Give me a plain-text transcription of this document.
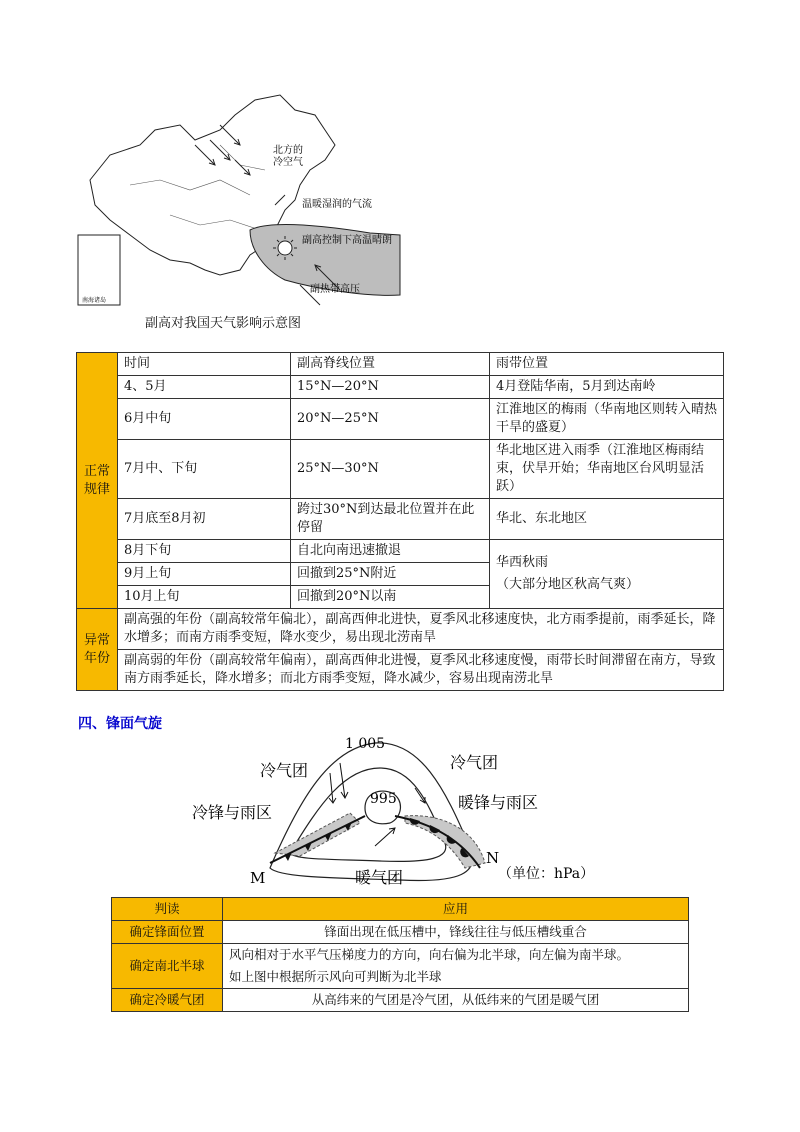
南海诸岛
北方的冷空气
温暖湿润的气流
副高控制下高温晴朗
副热带高压
副高对我国天气影响示意图
正常
规律	时间	副高脊线位置	雨带位置
	4、5月	15°N—20°N	4月登陆华南，5月到达南岭
	6月中旬	20°N—25°N	江淮地区的梅雨（华南地区则转入晴热干旱的盛夏）
	7月中、下旬	25°N—30°N	华北地区进入雨季（江淮地区梅雨结束，伏旱开始；华南地区台风明显活跃）
	7月底至8月初	跨过30°N到达最北位置并在此停留	华北、东北地区
	8月下旬	自北向南迅速撤退	华西秋雨
（大部分地区秋高气爽）

	9月上旬	回撤到25°N附近	
	10月上旬	回撤到20°N以南	

异常
年份	副高强的年份（副高较常年偏北），副高西伸北进快，夏季风北移速度快，北方雨季提前，雨季延长，降水增多；而南方雨季变短，降水变少，易出现北涝南旱		
	副高弱的年份（副高较常年偏南），副高西伸北进慢，夏季风北移速度慢，雨带长时间滞留在南方，导致南方雨季延长，降水增多；而北方雨季变短，降水减少，容易出现南涝北旱		
四、锋面气旋
1 005
995
冷气团	冷气团
冷锋与雨区
暖锋与雨区
暖气团
M
N
（单位：hPa）
判读	应用
确定锋面位置	锋面出现在低压槽中，锋线往往与低压槽线重合
确定南北半球	风向相对于水平气压梯度力的方向，向右偏为北半球，向左偏为南半球。
如上图中根据所示风向可判断为北半球

确定冷暖气团	从高纬来的气团是冷气团，从低纬来的气团是暖气团
